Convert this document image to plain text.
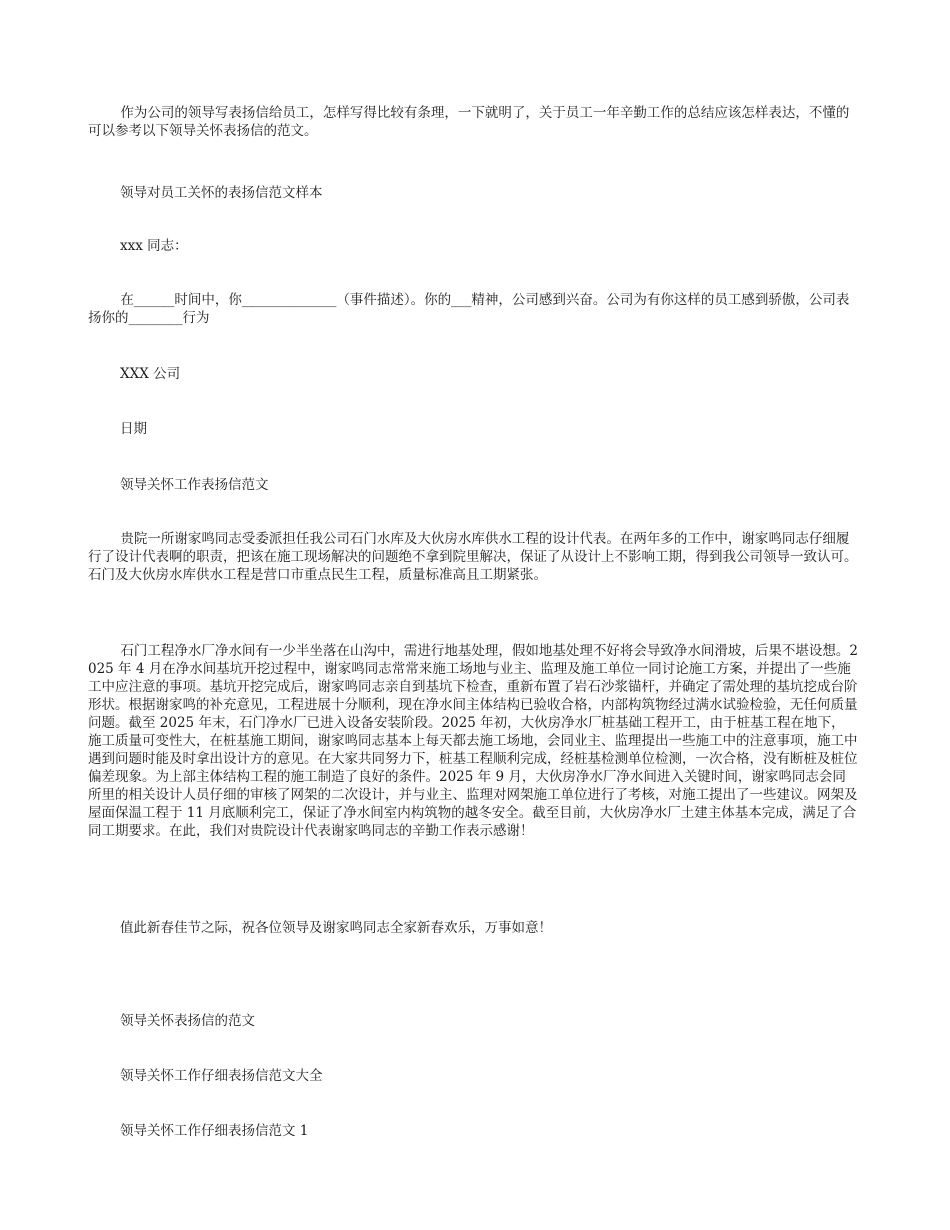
作为公司的领导写表扬信给员工，怎样写得比较有条理，一下就明了，关于员工一年辛勤工作的总结应该怎样表达，不懂的可以参考以下领导关怀表扬信的范文。
领导对员工关怀的表扬信范文样本
xxx 同志：
在______时间中，你______________（事件描述）。你的___精神，公司感到兴奋。公司为有你这样的员工感到骄傲，公司表扬你的________行为
XXX 公司
日期
领导关怀工作表扬信范文
贵院一所谢家鸣同志受委派担任我公司石门水库及大伙房水库供水工程的设计代表。在两年多的工作中，谢家鸣同志仔细履行了设计代表啊的职责，把该在施工现场解决的问题绝不拿到院里解决，保证了从设计上不影响工期，得到我公司领导一致认可。石门及大伙房水库供水工程是营口市重点民生工程，质量标准高且工期紧张。
石门工程净水厂净水间有一少半坐落在山沟中，需进行地基处理，假如地基处理不好将会导致净水间滑坡，后果不堪设想。2025 年 4 月在净水间基坑开挖过程中，谢家鸣同志常常来施工场地与业主、监理及施工单位一同讨论施工方案，并提出了一些施工中应注意的事项。基坑开挖完成后，谢家鸣同志亲自到基坑下检查，重新布置了岩石沙浆锚杆，并确定了需处理的基坑挖成台阶形状。根据谢家鸣的补充意见，工程进展十分顺利，现在净水间主体结构已验收合格，内部构筑物经过满水试验检验，无任何质量问题。截至 2025 年末，石门净水厂已进入设备安装阶段。2025 年初，大伙房净水厂桩基础工程开工，由于桩基工程在地下，施工质量可变性大，在桩基施工期间，谢家鸣同志基本上每天都去施工场地，会同业主、监理提出一些施工中的注意事项，施工中遇到问题时能及时拿出设计方的意见。在大家共同努力下，桩基工程顺利完成，经桩基检测单位检测，一次合格，没有断桩及桩位偏差现象。为上部主体结构工程的施工制造了良好的条件。2025 年 9 月，大伙房净水厂净水间进入关键时间，谢家鸣同志会同所里的相关设计人员仔细的审核了网架的二次设计，并与业主、监理对网架施工单位进行了考核，对施工提出了一些建议。网架及屋面保温工程于 11 月底顺利完工，保证了净水间室内构筑物的越冬安全。截至目前，大伙房净水厂土建主体基本完成，满足了合同工期要求。在此，我们对贵院设计代表谢家鸣同志的辛勤工作表示感谢！
值此新春佳节之际，祝各位领导及谢家鸣同志全家新春欢乐，万事如意！
领导关怀表扬信的范文
领导关怀工作仔细表扬信范文大全
领导关怀工作仔细表扬信范文 1
